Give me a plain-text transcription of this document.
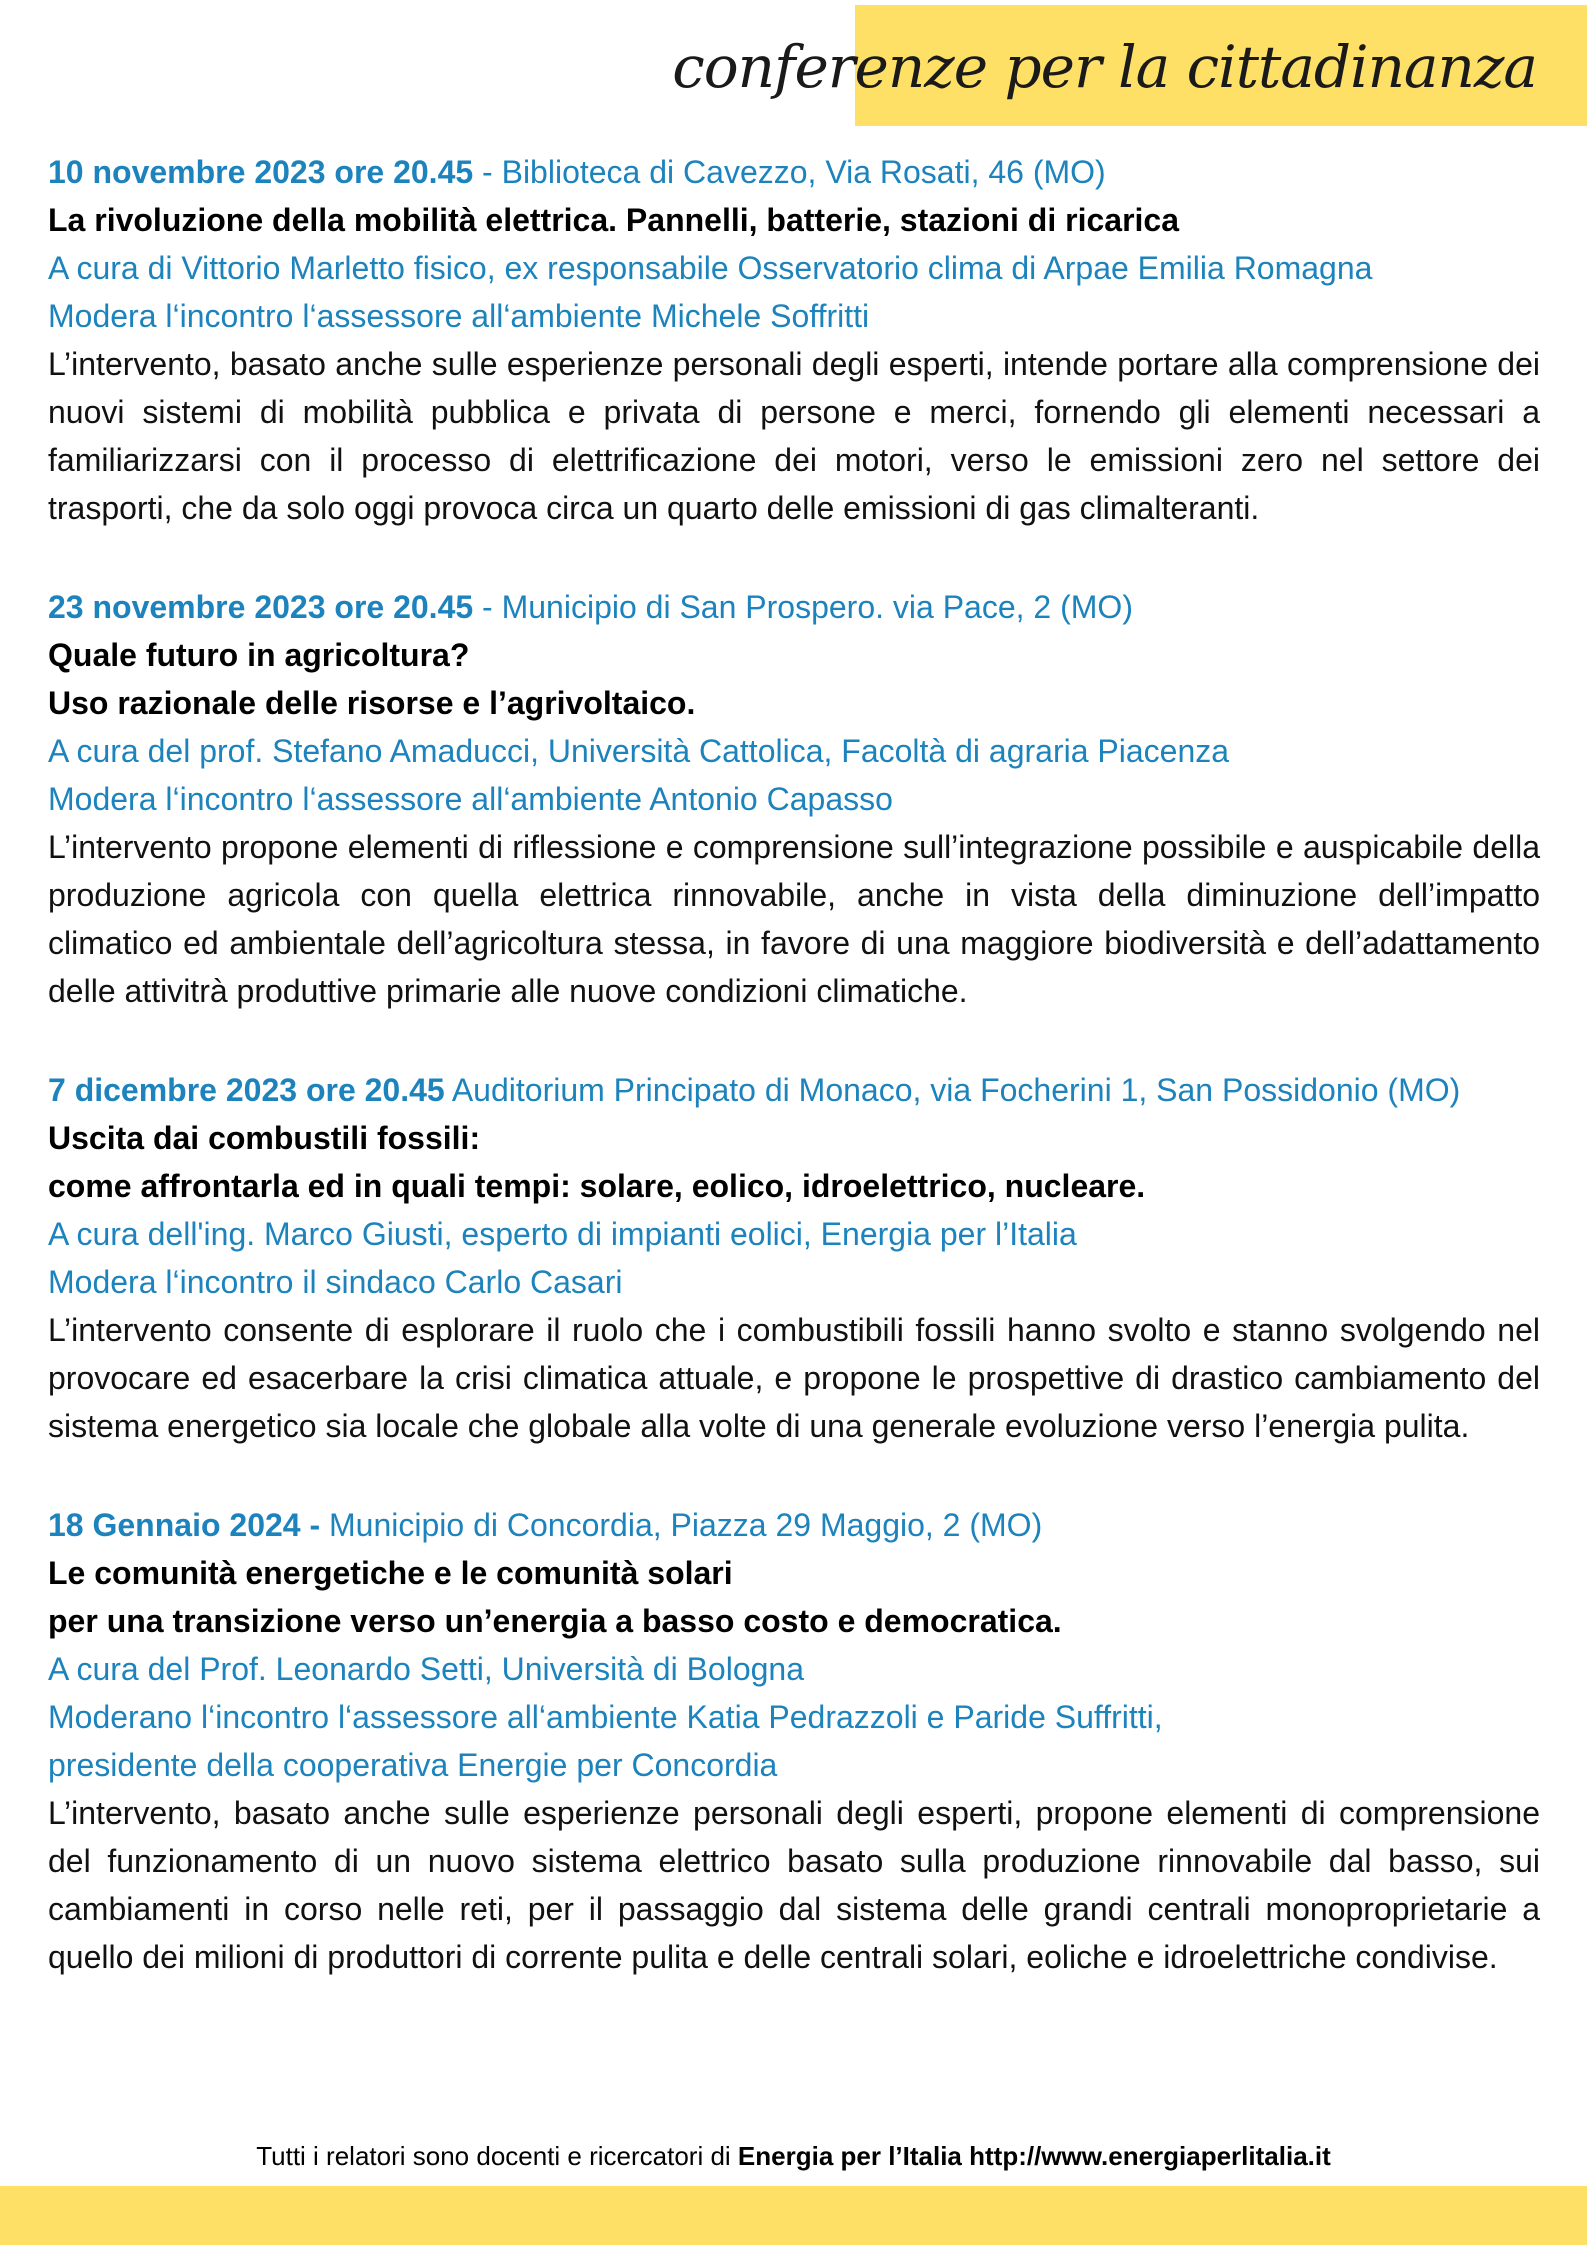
conferenze per la cittadinanza
10 novembre 2023 ore 20.45 - Biblioteca di Cavezzo, Via Rosati, 46 (MO)
La rivoluzione della mobilità elettrica. Pannelli, batterie, stazioni di ricarica
A cura di Vittorio Marletto fisico, ex responsabile Osservatorio clima di Arpae Emilia Romagna
Modera l‘incontro l‘assessore all‘ambiente Michele Soffritti

L’intervento, basato anche sulle esperienze personali degli esperti, intende portare alla comprensione dei nuovi sistemi di mobilità pubblica e privata di persone e merci, fornendo gli elementi necessari a familiarizzarsi con il processo di elettrificazione dei motori, verso le emissioni zero nel settore dei trasporti, che da solo oggi provoca circa un quarto delle emissioni di gas climalteranti.

23 novembre 2023 ore 20.45 - Municipio di San Prospero. via Pace, 2 (MO)
Quale futuro in agricoltura?
Uso razionale delle risorse e l’agrivoltaico.
A cura del prof. Stefano Amaducci, Università Cattolica, Facoltà di agraria Piacenza
Modera l‘incontro l‘assessore all‘ambiente Antonio Capasso

L’intervento propone elementi di riflessione e comprensione sull’integrazione possibile e auspicabile della produzione agricola con quella elettrica rinnovabile, anche in vista della diminuzione dell’impatto climatico ed ambientale dell’agricoltura stessa, in favore di una maggiore biodiversità e dell’adattamento delle attivitrà produttive primarie alle nuove condizioni climatiche.

7 dicembre 2023 ore 20.45 Auditorium Principato di Monaco, via Focherini 1, San Possidonio (MO)
Uscita dai combustili fossili:
come affrontarla ed in quali tempi: solare, eolico, idroelettrico, nucleare.
A cura dell'ing. Marco Giusti, esperto di impianti eolici, Energia per l’Italia
Modera l‘incontro il sindaco Carlo Casari

L’intervento consente di esplorare il ruolo che i combustibili fossili hanno svolto e stanno svolgendo nel provocare ed esacerbare la crisi climatica attuale, e propone le prospettive di drastico cambiamento del sistema energetico sia locale che globale alla volte di una generale evoluzione verso l’energia pulita.

18 Gennaio 2024 - Municipio di Concordia, Piazza 29 Maggio, 2 (MO)
Le comunità energetiche e le comunità solari
per una transizione verso un’energia a basso costo e democratica.
A cura del Prof. Leonardo Setti, Università di Bologna
Moderano l‘incontro l‘assessore all‘ambiente Katia Pedrazzoli e Paride Suffritti,
presidente della cooperativa Energie per Concordia

L’intervento, basato anche sulle esperienze personali degli esperti, propone elementi di comprensione del funzionamento di un nuovo sistema elettrico basato sulla produzione rinnovabile dal basso, sui cambiamenti in corso nelle reti, per il passaggio dal sistema delle grandi centrali monoproprietarie a quello dei milioni di produttori di corrente pulita e delle centrali solari, eoliche e idroelettriche condivise.

Tutti i relatori sono docenti e ricercatori di Energia per l’Italia http://www.energiaperlitalia.it
